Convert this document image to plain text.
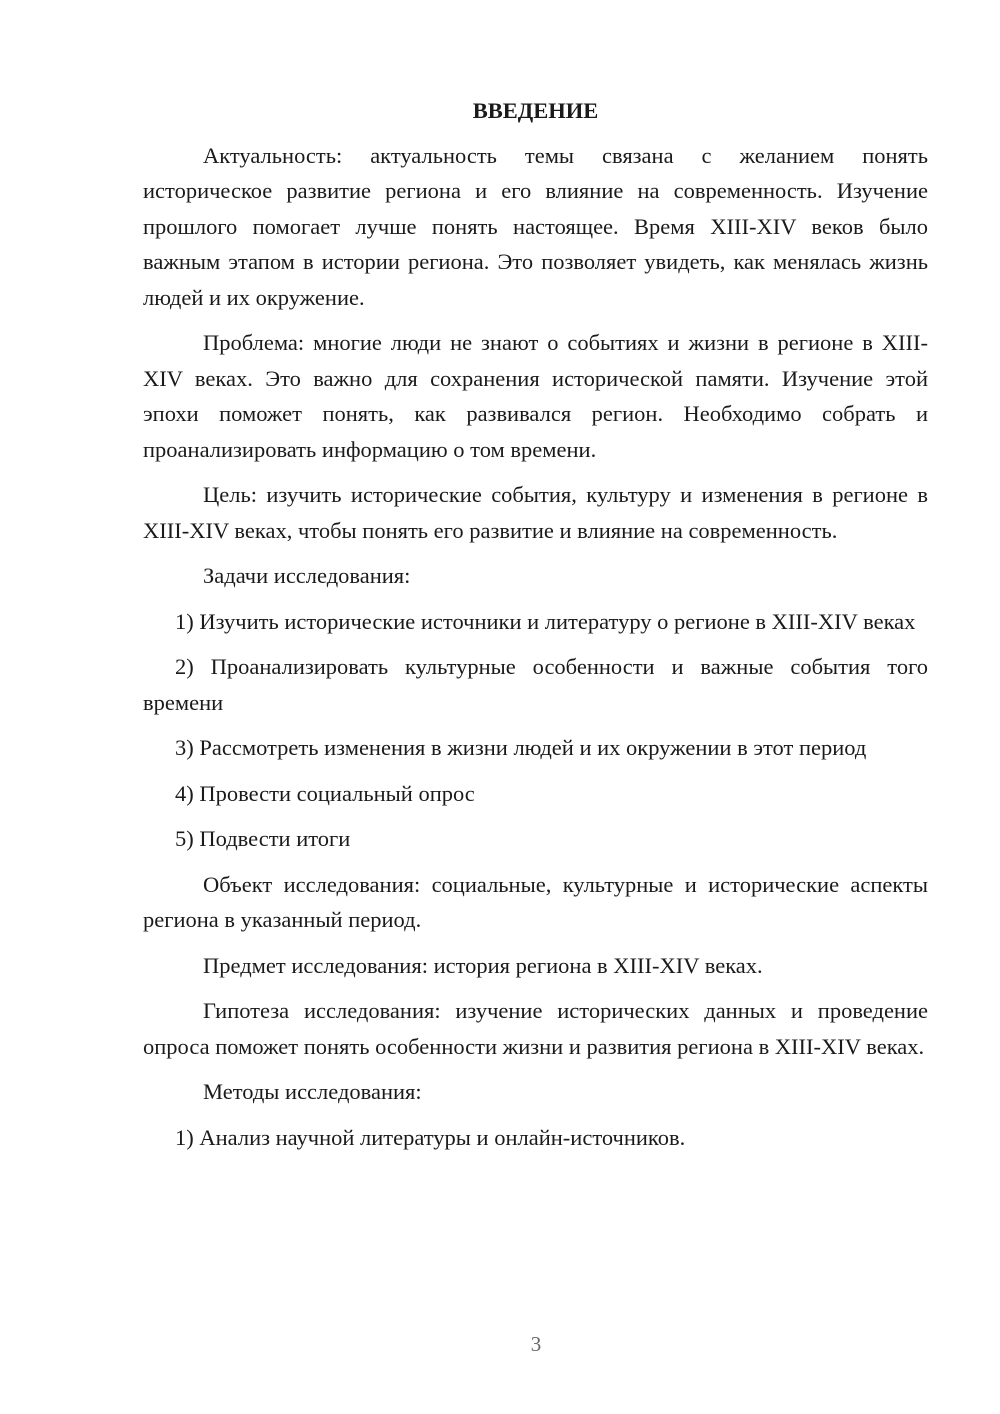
ВВЕДЕНИЕ

Актуальность: актуальность темы связана с желанием понять историческое развитие региона и его влияние на современность. Изучение прошлого помогает лучше понять настоящее. Время XIII-XIV веков было важным этапом в истории региона. Это позволяет увидеть, как менялась жизнь людей и их окружение.

Проблема: многие люди не знают о событиях и жизни в регионе в XIII-XIV веках. Это важно для сохранения исторической памяти. Изучение этой эпохи поможет понять, как развивался регион. Необходимо собрать и проанализировать информацию о том времени.

Цель: изучить исторические события, культуру и изменения в регионе в XIII-XIV веках, чтобы понять его развитие и влияние на современность.

Задачи исследования:

1) Изучить исторические источники и литературу о регионе в XIII-XIV веках

2) Проанализировать культурные особенности и важные события того времени

3) Рассмотреть изменения в жизни людей и их окружении в этот период

4) Провести социальный опрос

5) Подвести итоги

Объект исследования: социальные, культурные и исторические аспекты региона в указанный период.

Предмет исследования: история региона в XIII-XIV веках.

Гипотеза исследования: изучение исторических данных и проведение опроса поможет понять особенности жизни и развития региона в XIII-XIV веках.

Методы исследования:

1) Анализ научной литературы и онлайн-источников.

3
